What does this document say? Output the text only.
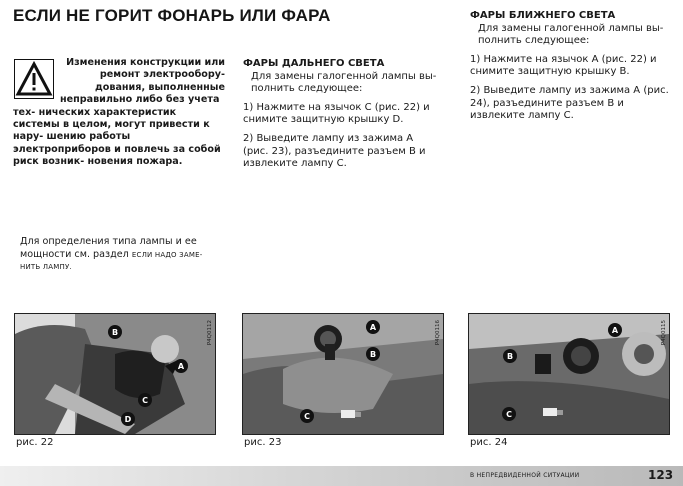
ЕСЛИ НЕ ГОРИТ ФОНАРЬ ИЛИ ФАРА
Изменения конструкции или ремонт электрообору- дования, выполненные
неправильно либо без учета тех- нических характеристик системы в целом, могут привести к нару- шению работы электроприборов и повлечь за собой риск возник- новения пожара.
Для определения типа лампы и ее мощности см. раздел ЕСЛИ НАДО ЗАМЕ- НИТЬ ЛАМПУ.

ФАРЫ ДАЛЬНЕГО СВЕТА

Для замены галогенной лампы вы- полнить следующее:

1) Нажмите на язычок С (рис. 22) и снимите защитную крышку D.

2) Выведите лампу из зажима А (рис. 23), разъедините разъем В и извлеките лампу С.

ФАРЫ БЛИЖНЕГО СВЕТА

Для замены галогенной лампы вы- полнить следующее:

1) Нажмите на язычок А (рис. 22) и снимите защитную крышку В.

2) Выведите лампу из зажима А (рис. 24), разъедините разъем В и извлеките лампу С.

B
A
C
D
P4Q0112
рис. 22
A
B
C
P4Q0116
рис. 23
A
B
C
P4Q0115
рис. 24
В НЕПРЕДВИДЕННОЙ СИТУАЦИИ	123
